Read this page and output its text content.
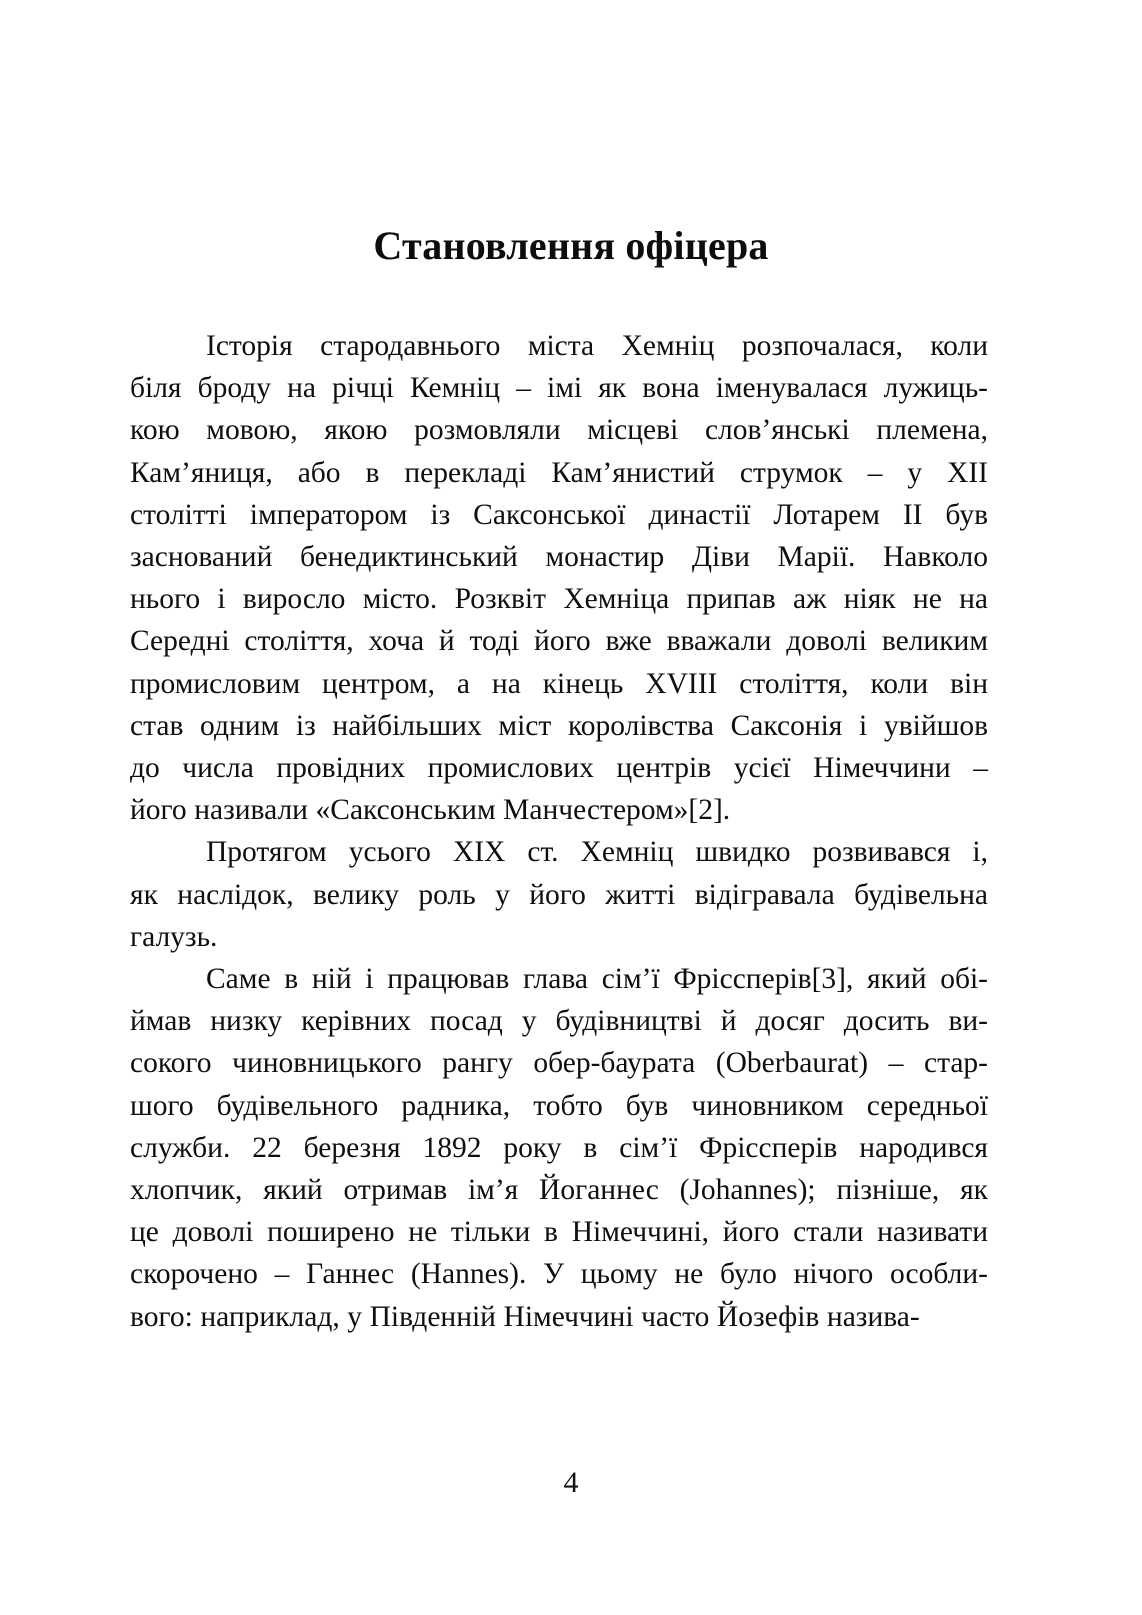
Становлення офіцера

Історія стародавнього міста Хемніц розпочалася, коли
біля броду на річці Кемніц – імі як вона іменувалася лужиць-
кою мовою, якою розмовляли місцеві слов’янські племена,
Кам’яниця, або в перекладі Кам’янистий струмок – у XII
столітті імператором із Саксонської династії Лотарем II був
заснований бенедиктинський монастир Діви Марії. Навколо
нього і виросло місто. Розквіт Хемніца припав аж ніяк не на
Середні століття, хоча й тоді його вже вважали доволі великим
промисловим центром, а на кінець XVIII століття, коли він
став одним із найбільших міст королівства Саксонія і увійшов
до числа провідних промислових центрів усієї Німеччини –
його називали «Саксонським Манчестером»[2].

Протягом усього XIX ст. Хемніц швидко розвивався і,
як наслідок, велику роль у його житті відігравала будівельна
галузь.

Саме в ній і працював глава сім’ї Фріссперів[3], який обі-
ймав низку керівних посад у будівництві й досяг досить ви-
сокого чиновницького рангу обер-баурата (Oberbaurat) – стар-
шого будівельного радника, тобто був чиновником середньої
служби. 22 березня 1892 року в сім’ї Фріссперів народився
хлопчик, який отримав ім’я Йоганнес (Johannes); пізніше, як
це доволі поширено не тільки в Німеччині, його стали називати
скорочено – Ганнес (Hannes). У цьому не було нічого особли-
вого: наприклад, у Південній Німеччині часто Йозефів назива-

4
